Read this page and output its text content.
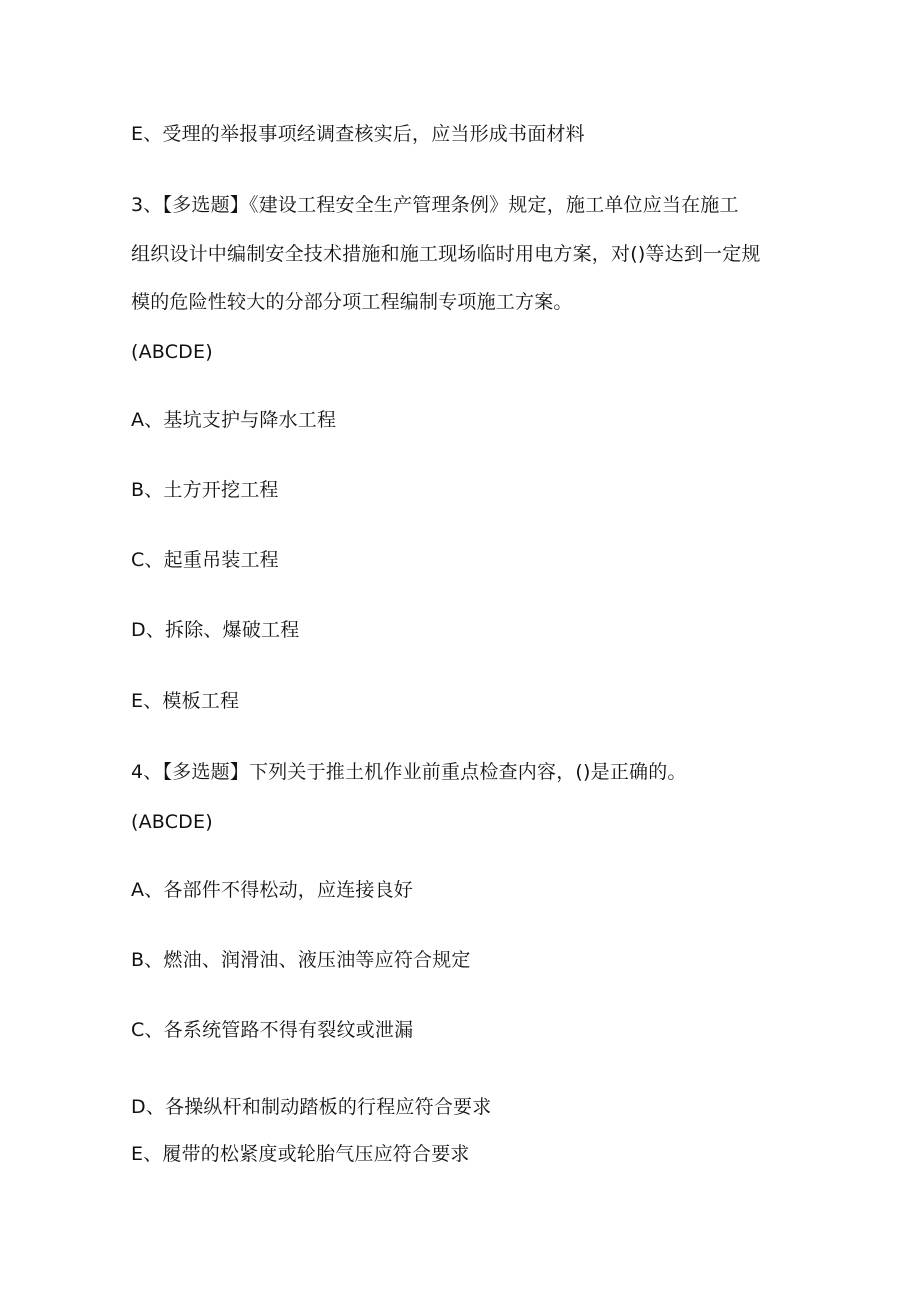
E、受理的举报事项经调查核实后，应当形成书面材料
3、【多选题】《建设工程安全生产管理条例》规定，施工单位应当在施工
组织设计中编制安全技术措施和施工现场临时用电方案，对()等达到一定规
模的危险性较大的分部分项工程编制专项施工方案。
(ABCDE)
A、基坑支护与降水工程
B、土方开挖工程
C、起重吊装工程
D、拆除、爆破工程
E、模板工程
4、【多选题】下列关于推土机作业前重点检查内容，()是正确的。
(ABCDE)
A、各部件不得松动，应连接良好
B、燃油、润滑油、液压油等应符合规定
C、各系统管路不得有裂纹或泄漏
D、各操纵杆和制动踏板的行程应符合要求
E、履带的松紧度或轮胎气压应符合要求
